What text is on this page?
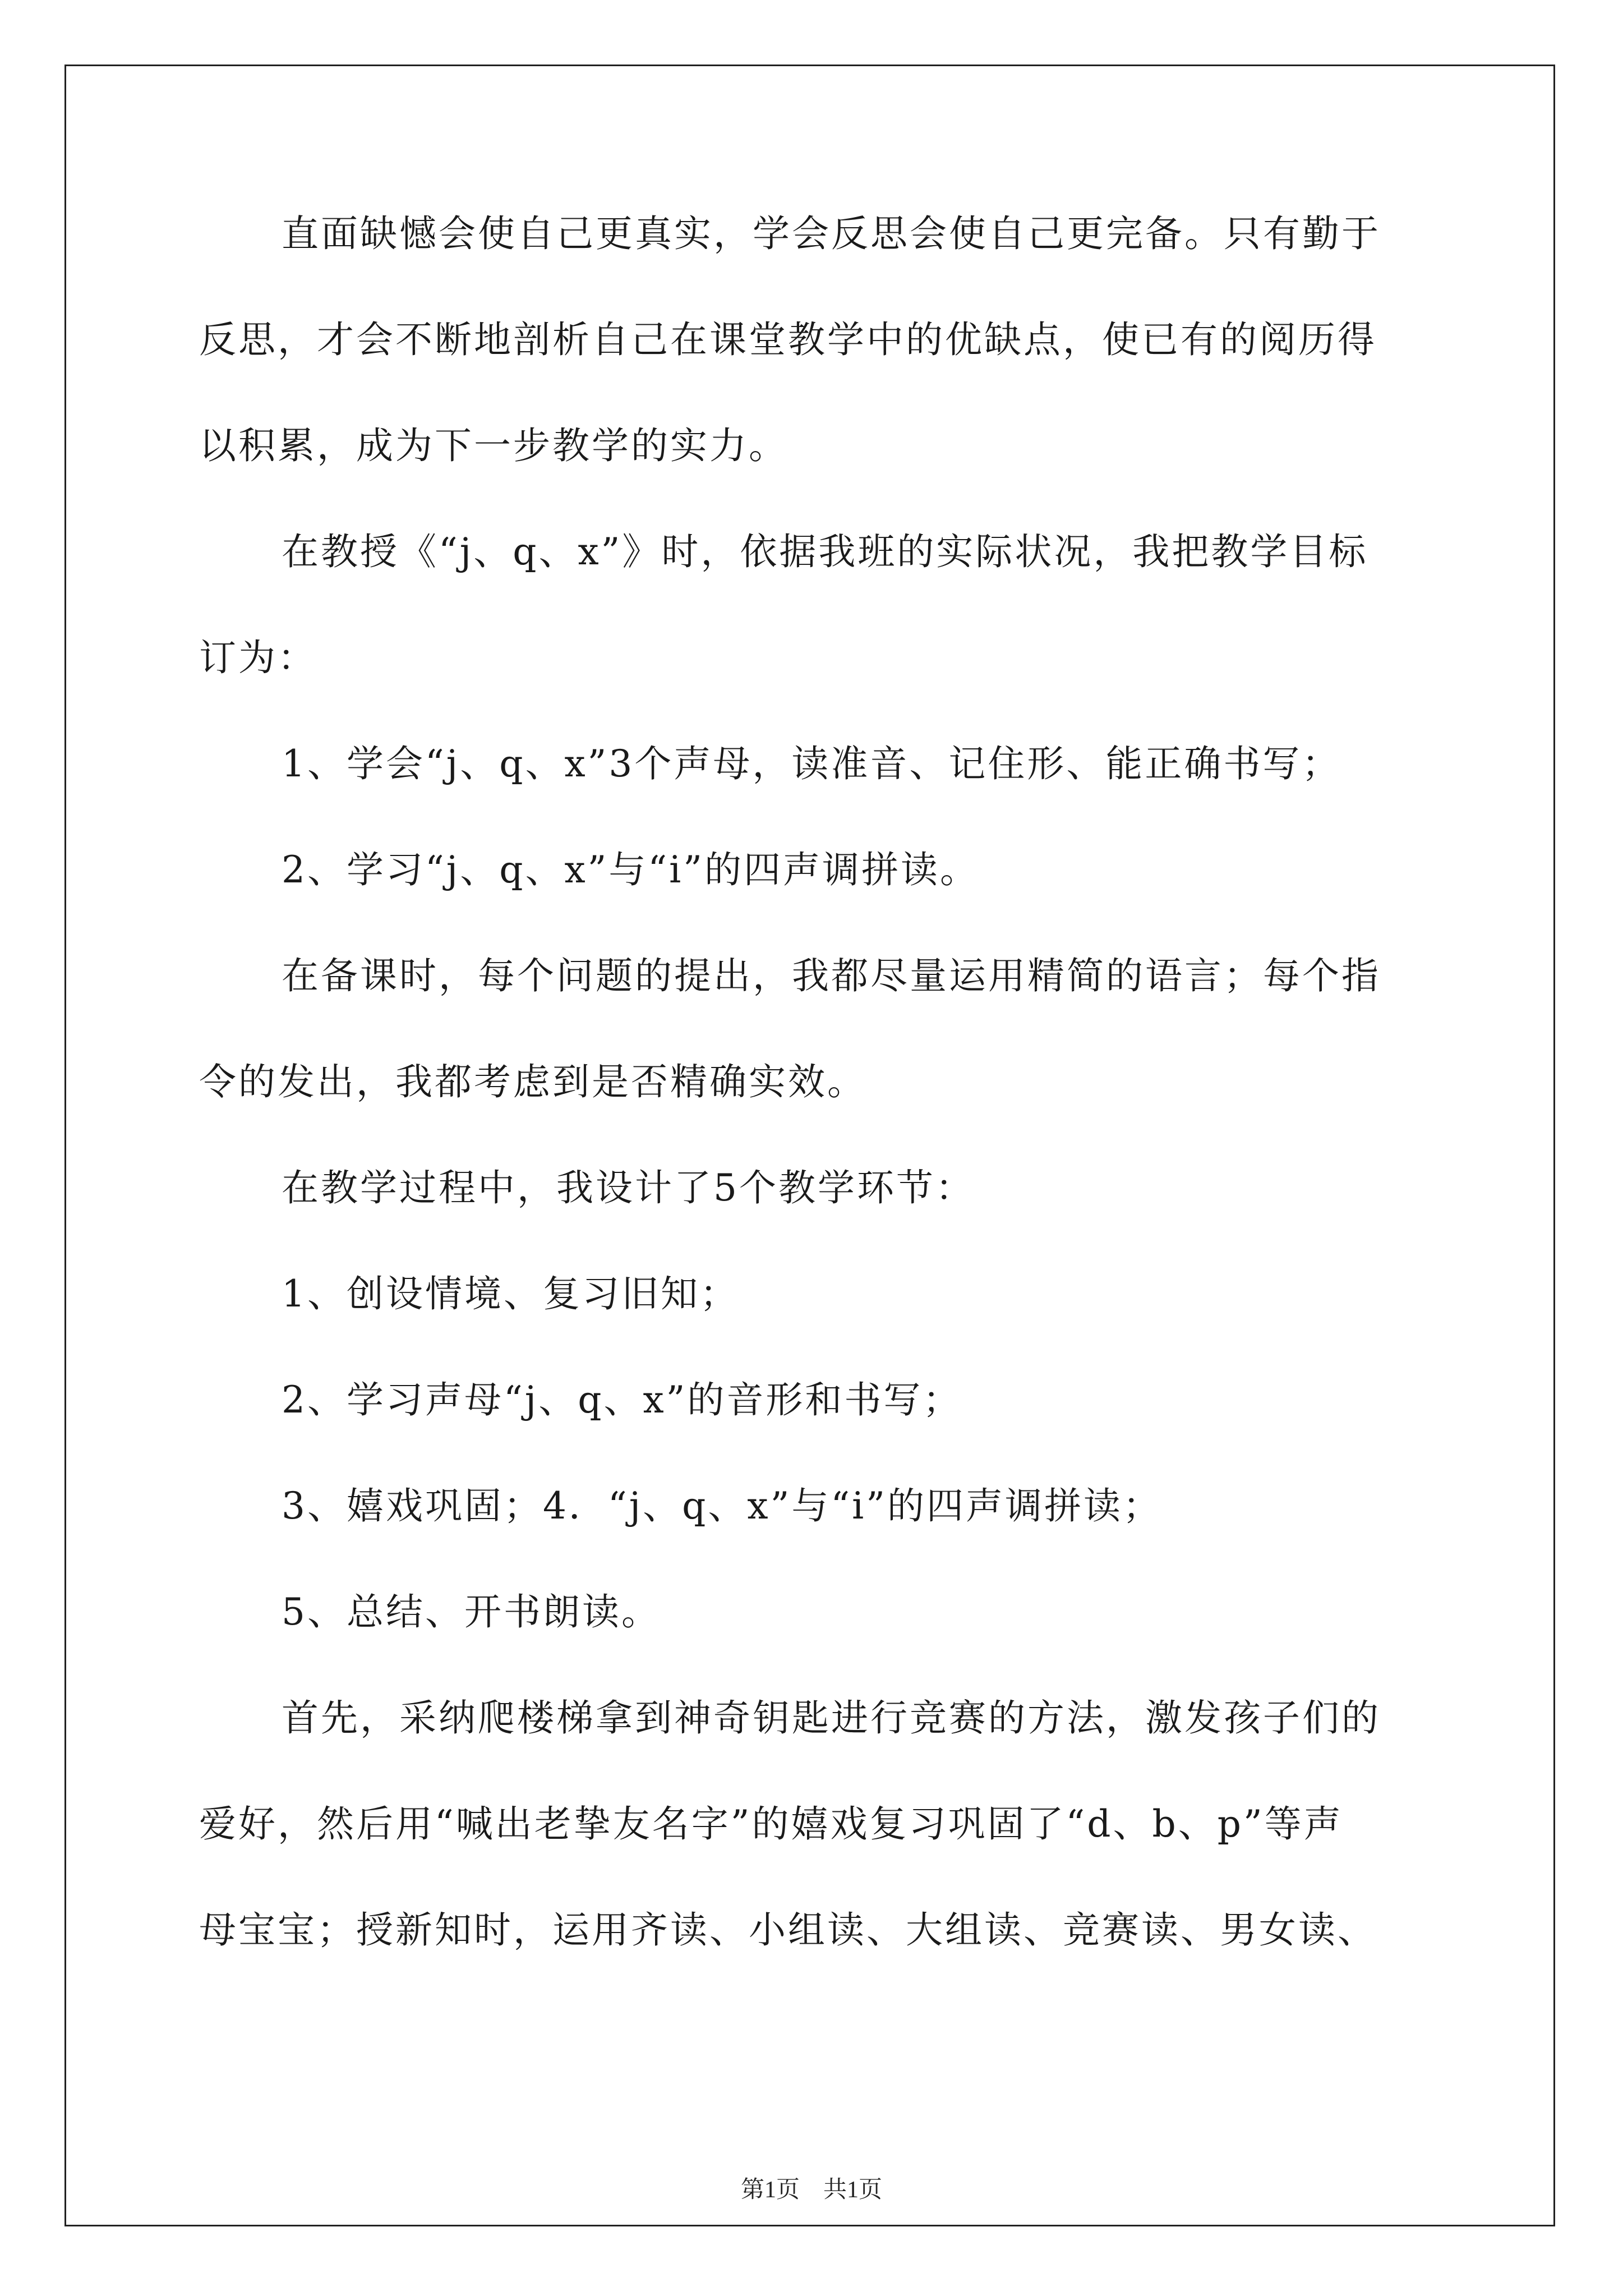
直面缺憾会使自己更真实，学会反思会使自己更完备。只有勤于
反思，才会不断地剖析自己在课堂教学中的优缺点，使已有的阅历得
以积累，成为下一步教学的实力。
在教授《“j、q、x”》时，依据我班的实际状况，我把教学目标
订为：
1、学会“j、q、x”3个声母，读准音、记住形、能正确书写；
2、学习“j、q、x”与“i”的四声调拼读。
在备课时，每个问题的提出，我都尽量运用精简的语言；每个指
令的发出，我都考虑到是否精确实效。
在教学过程中，我设计了5个教学环节：
1、创设情境、复习旧知；
2、学习声母“j、q、x”的音形和书写；
3、嬉戏巩固；4．“j、q、x”与“i”的四声调拼读；
5、总结、开书朗读。
首先，采纳爬楼梯拿到神奇钥匙进行竞赛的方法，激发孩子们的
爱好，然后用“喊出老挚友名字”的嬉戏复习巩固了“d、b、p”等声
母宝宝；授新知时，运用齐读、小组读、大组读、竞赛读、男女读、
第1页　共1页
